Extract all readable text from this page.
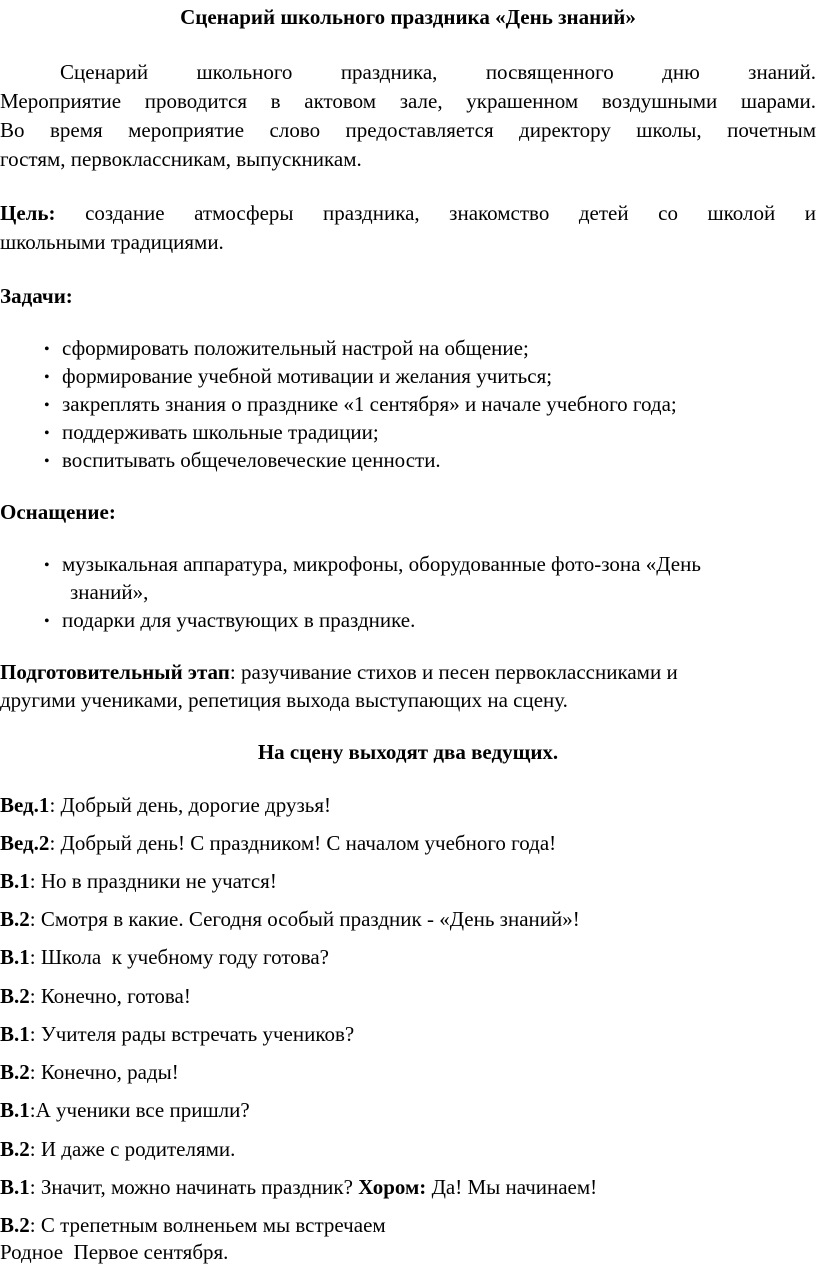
Сценарий школьного праздника «День знаний»
Сценарий школьного праздника, посвященного дню знаний.
Мероприятие проводится в актовом зале, украшенном воздушными шарами.
Во время мероприятие слово предоставляется директору школы, почетным
гостям, первоклассникам, выпускникам.
Цель: создание атмосферы праздника, знакомство детей со школой и
школьными традициями.
Задачи:
• сформировать положительный настрой на общение;
• формирование учебной мотивации и желания учиться;
• закреплять знания о празднике «1 сентября» и начале учебного года;
• поддерживать школьные традиции;
• воспитывать общечеловеческие ценности.
Оснащение:
• музыкальная аппаратура, микрофоны, оборудованные фото-зона «День
знаний»,
• подарки для участвующих в празднике.
Подготовительный этап: разучивание стихов и песен первоклассниками и
другими учениками, репетиция выхода выступающих на сцену.
На сцену выходят два ведущих.
Вед.1: Добрый день, дорогие друзья!
Вед.2: Добрый день! С праздником! С началом учебного года!
В.1: Но в праздники не учатся!
В.2: Смотря в какие. Сегодня особый праздник - «День знаний»!
В.1: Школа  к учебному году готова?
В.2: Конечно, готова!
В.1: Учителя рады встречать учеников?
В.2: Конечно, рады!
В.1:А ученики все пришли?
В.2: И даже с родителями.
В.1: Значит, можно начинать праздник? Хором: Да! Мы начинаем!
В.2: С трепетным волненьем мы встречаем
Родное  Первое сентября.
